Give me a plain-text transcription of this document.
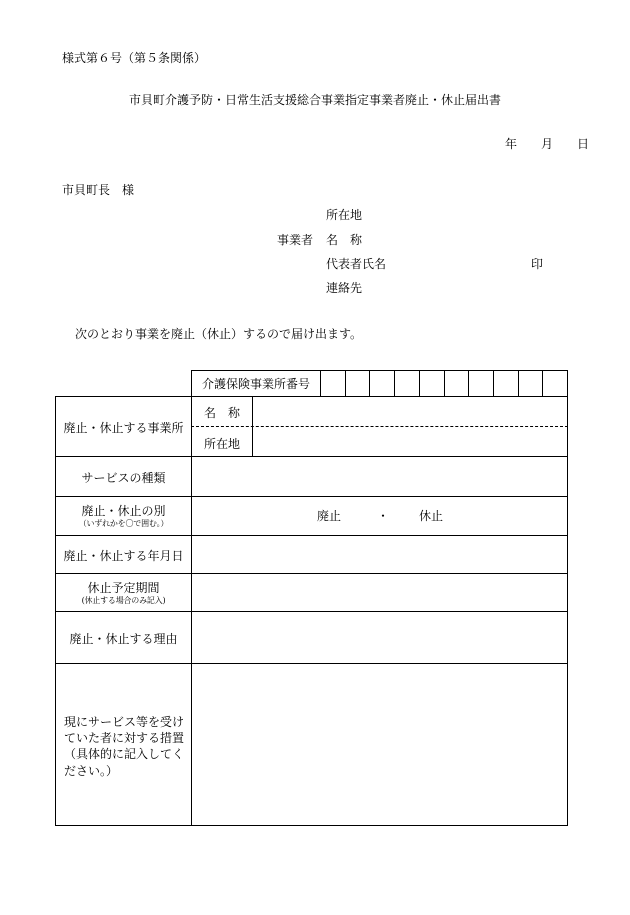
様式第６号（第５条関係）
市貝町介護予防・日常生活支援総合事業指定事業者廃止・休止届出書
年 月 日
市貝町長　様
事業者
所在地
名　称
代表者氏名	印
連絡先
次のとおり事業を廃止（休止）するので届け出ます。
介護保険事業所番号
廃止・休止する事業所
名　称
所在地
サービスの種類
廃止・休止の別
（いずれかを〇で囲む。）
廃止	・ 休止
廃止・休止する年月日
休止予定期間
(休止する場合のみ記入)
廃止・休止する理由
現にサービス等を受けていた者に対する措置（具体的に記入してください。）
